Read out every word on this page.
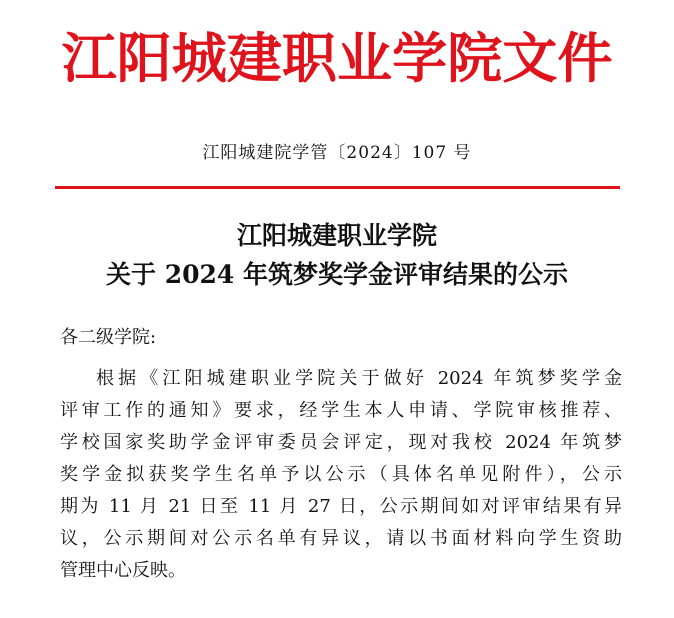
江阳城建职业学院文件
江阳城建院学管〔2024〕107 号
江阳城建职业学院
关于 2024 年筑梦奖学金评审结果的公示
各二级学院:
根据《江阳城建职业学院关于做好 2024 年筑梦奖学金
评审工作的通知》要求，经学生本人申请、学院审核推荐、
学校国家奖助学金评审委员会评定，现对我校 2024 年筑梦
奖学金拟获奖学生名单予以公示（具体名单见附件），公示
期为 11 月 21 日至 11 月 27 日，公示期间如对评审结果有异
议，公示期间对公示名单有异议，请以书面材料向学生资助
管理中心反映。
